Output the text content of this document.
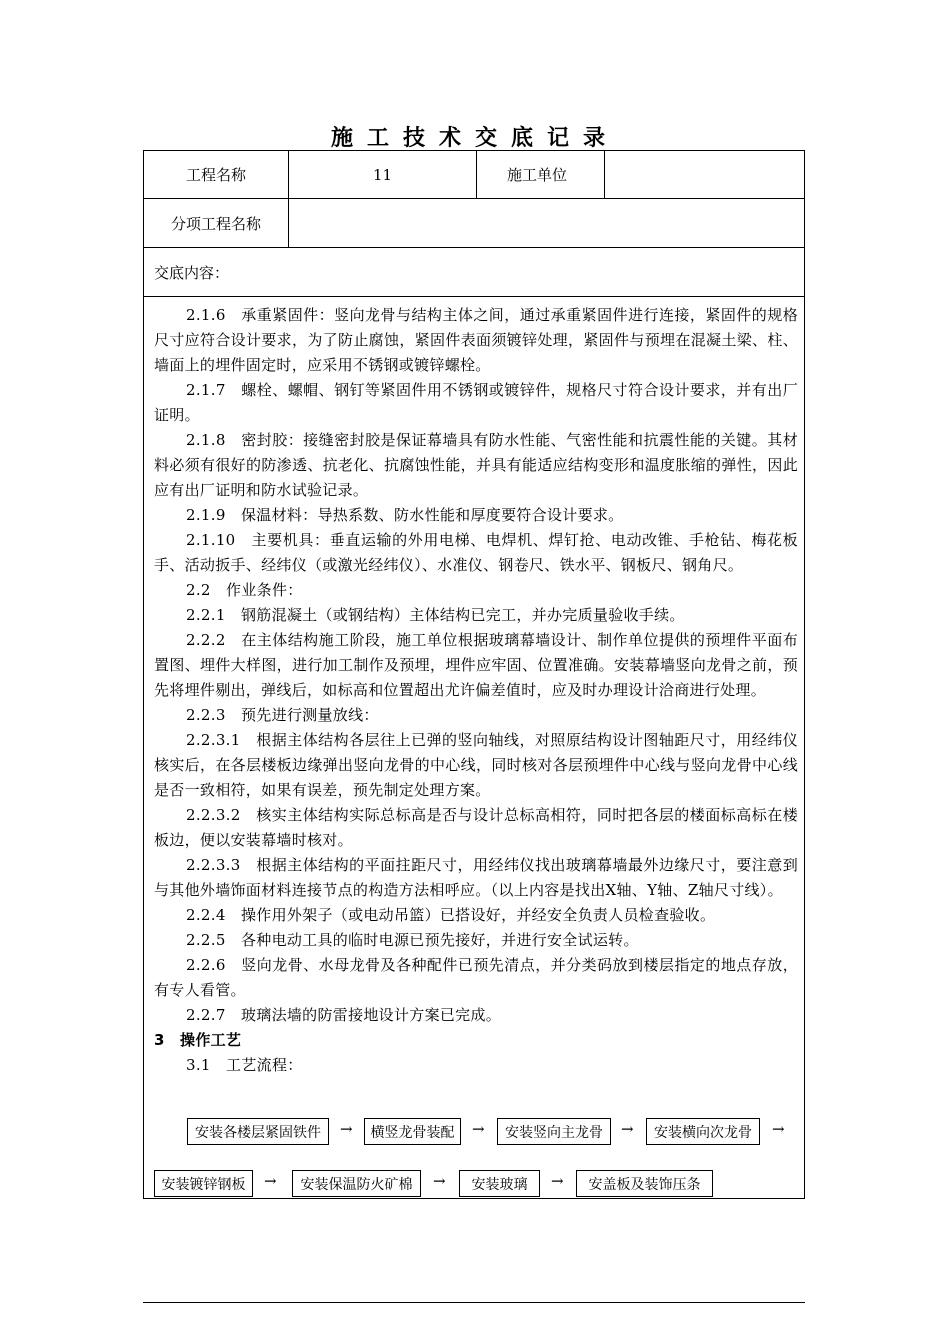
施工技术交底记录
工程名称	11	施工单位
分项工程名称
交底内容：

2.1.6　承重紧固件：竖向龙骨与结构主体之间，通过承重紧固件进行连接，紧固件的规格尺寸应符合设计要求，为了防止腐蚀，紧固件表面须镀锌处理，紧固件与预埋在混凝土梁、柱、墙面上的埋件固定时，应采用不锈钢或镀锌螺栓。

2.1.7　螺栓、螺帽、钢钉等紧固件用不锈钢或镀锌件，规格尺寸符合设计要求，并有出厂证明。

2.1.8　密封胶：接缝密封胶是保证幕墙具有防水性能、气密性能和抗震性能的关键。其材料必须有很好的防渗透、抗老化、抗腐蚀性能，并具有能适应结构变形和温度胀缩的弹性，因此应有出厂证明和防水试验记录。

2.1.9　保温材料：导热系数、防水性能和厚度要符合设计要求。

2.1.10　主要机具：垂直运输的外用电梯、电焊机、焊钉抢、电动改锥、手枪钻、梅花板手、活动扳手、经纬仪（或激光经纬仪）、水准仪、钢卷尺、铁水平、钢板尺、钢角尺。

2.2　作业条件：

2.2.1　钢筋混凝土（或钢结构）主体结构已完工，并办完质量验收手续。

2.2.2　在主体结构施工阶段，施工单位根据玻璃幕墙设计、制作单位提供的预埋件平面布置图、埋件大样图，进行加工制作及预埋，埋件应牢固、位置准确。安装幕墙竖向龙骨之前，预先将埋件剔出，弹线后，如标高和位置超出尤许偏差值时，应及时办理设计洽商进行处理。

2.2.3　预先进行测量放线：

2.2.3.1　根据主体结构各层往上已弹的竖向轴线，对照原结构设计图轴距尺寸，用经纬仪核实后，在各层楼板边缘弹出竖向龙骨的中心线，同时核对各层预埋件中心线与竖向龙骨中心线是否一致相符，如果有误差，预先制定处理方案。

2.2.3.2　核实主体结构实际总标高是否与设计总标高相符，同时把各层的楼面标高标在楼板边，便以安装幕墙时核对。

2.2.3.3　根据主体结构的平面拄距尺寸，用经纬仪找出玻璃幕墙最外边缘尺寸，要注意到与其他外墙饰面材料连接节点的构造方法相呼应。（以上内容是找出X轴、Y轴、Z轴尺寸线）。

2.2.4　操作用外架子（或电动吊篮）已搭设好，并经安全负责人员检查验收。

2.2.5　各种电动工具的临时电源已预先接好，并进行安全试运转。

2.2.6　竖向龙骨、水母龙骨及各种配件已预先清点，并分类码放到楼层指定的地点存放，有专人看管。

2.2.7　玻璃法墙的防雷接地设计方案已完成。

3　操作工艺

3.1　工艺流程：

安装各楼层紧固铁件	→	横竖龙骨装配	→	安装竖向主龙骨	→	安装横向次龙骨	→
安装镀锌钢板	→	安装保温防火矿棉	→	安装玻璃	→	安盖板及装饰压条
